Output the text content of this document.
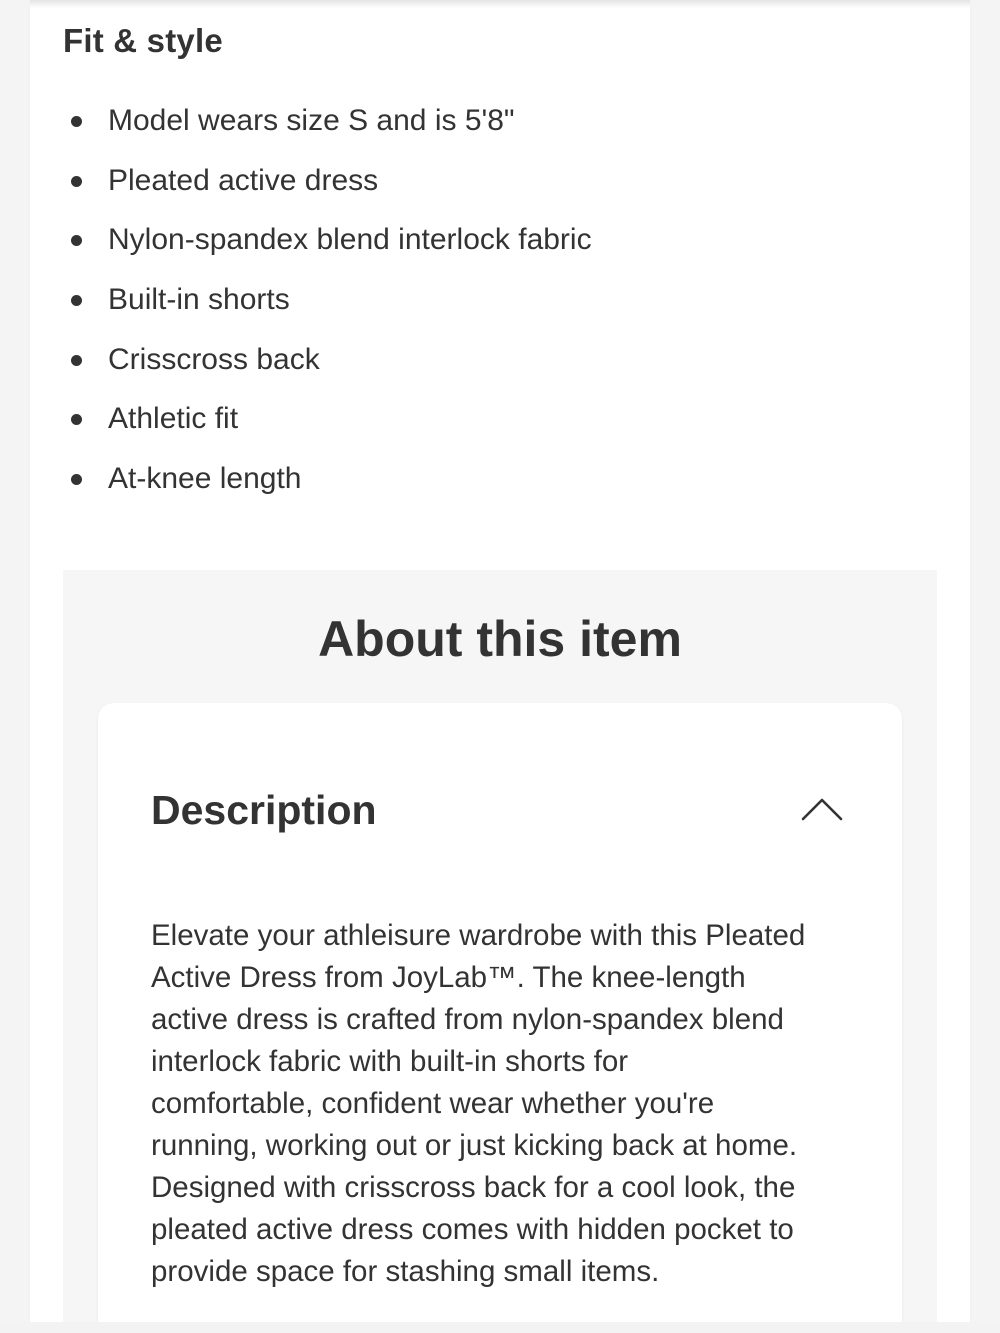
Fit & style
Model wears size S and is 5'8"
Pleated active dress
Nylon-spandex blend interlock fabric
Built-in shorts
Crisscross back
Athletic fit
At-knee length
About this item
Description
Elevate your athleisure wardrobe with this Pleated
Active Dress from JoyLab™. The knee-length
active dress is crafted from nylon-spandex blend
interlock fabric with built-in shorts for
comfortable, confident wear whether you're
running, working out or just kicking back at home.
Designed with crisscross back for a cool look, the
pleated active dress comes with hidden pocket to
provide space for stashing small items.
